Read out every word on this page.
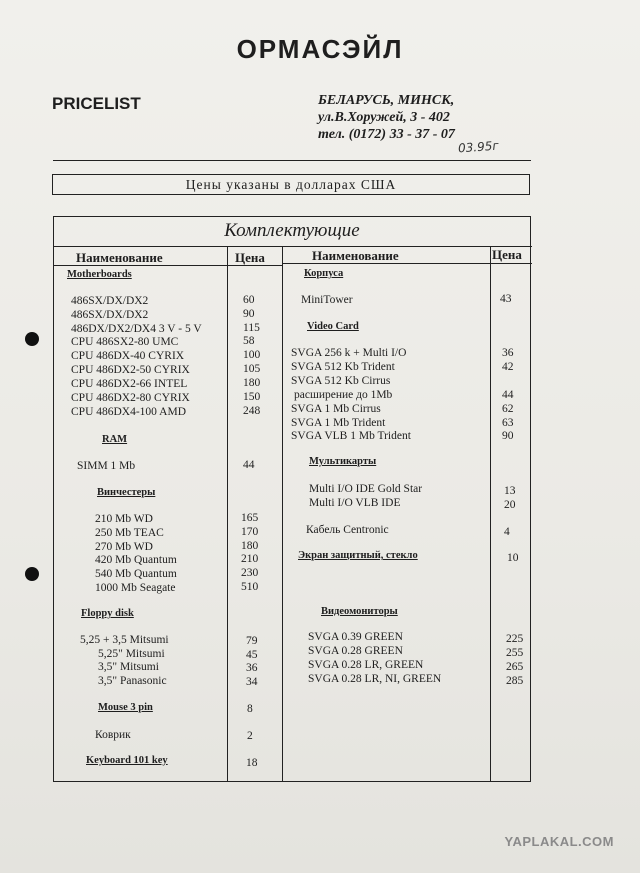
ОРМАСЭЙЛ
PRICELIST	БЕЛАРУСЬ, МИНСК,
ул.В.Хоружей, 3 - 402
тел. (0172) 33 - 37 - 07
03.95г
Цены указаны в долларах США
Комплектующие
Наименование	Цена	Наименование	Цена
Motherboards
486SX/DX/DX2	60
486SX/DX/DX2	90
486DX/DX2/DX4 3 V - 5 V	115
CPU 486SX2-80 UMC	58
CPU 486DX-40 CYRIX	100
CPU 486DX2-50 CYRIX	105
CPU 486DX2-66 INTEL	180
CPU 486DX2-80 CYRIX	150
CPU 486DX4-100 AMD	248
RAM
SIMM 1 Mb	44
Винчестеры
210 Mb WD	165
250 Mb TEAC	170
270 Mb WD	180
420 Mb Quantum	210
540 Mb Quantum	230
1000 Mb Seagate	510
Floppy disk
5,25 + 3,5 Mitsumi	79
5,25" Mitsumi	45
3,5" Mitsumi	36
3,5" Panasonic	34
Mouse 3 pin	8
Коврик	2
Keyboard 101 key	18
Корпуса
MiniTower	43
Video Card
SVGA 256 k + Multi I/O	36
SVGA 512 Kb Trident	42
SVGA 512 Kb Cirrus
расширение до 1Mb	44
SVGA 1 Mb Cirrus	62
SVGA 1 Mb Trident	63
SVGA VLB 1 Mb Trident	90
Мультикарты
Multi I/O IDE Gold Star	13
Multi I/O VLB IDE	20
Кабель Centronic	4
Экран защитный, стекло	10
Видеомониторы
SVGA 0.39 GREEN	225
SVGA 0.28 GREEN	255
SVGA 0.28 LR, GREEN	265
SVGA 0.28 LR, NI, GREEN	285
YAPLAKAL.COM
